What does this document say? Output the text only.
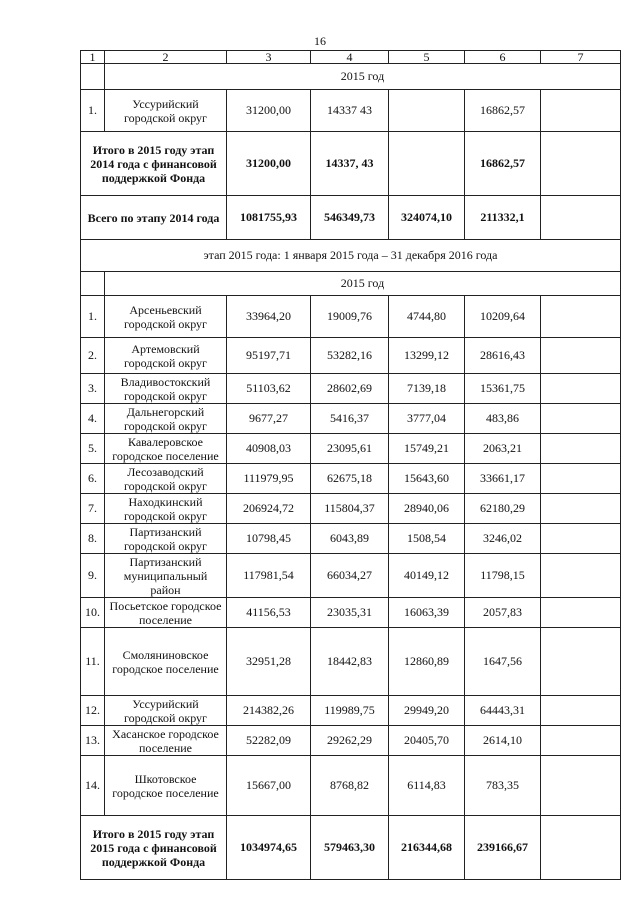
16
1	2	3	4	5	6	7
	2015 год					
1.	Уссурийский городской округ	31200,00	14337 43		16862,57	
Итого в 2015 году этап 2014 года с финансовой поддержкой Фонда		31200,00	14337, 43		16862,57	
Всего по этапу 2014 года		1081755,93	546349,73	324074,10	211332,1	
этап 2015 года: 1 января 2015 года – 31 декабря 2016 года						
	2015 год					
1.	Арсеньевский городской округ	33964,20	19009,76	4744,80	10209,64	
2.	Артемовский городской округ	95197,71	53282,16	13299,12	28616,43	
3.	Владивостокский городской округ	51103,62	28602,69	7139,18	15361,75	
4.	Дальнегорский городской округ	9677,27	5416,37	3777,04	483,86	
5.	Кавалеровское городское поселение	40908,03	23095,61	15749,21	2063,21	
6.	Лесозаводский городской округ	111979,95	62675,18	15643,60	33661,17	
7.	Находкинский городской округ	206924,72	115804,37	28940,06	62180,29	
8.	Партизанский городской округ	10798,45	6043,89	1508,54	3246,02	
9.	Партизанский муниципальный район	117981,54	66034,27	40149,12	11798,15	
10.	Посьетское городское поселение	41156,53	23035,31	16063,39	2057,83	
11.	Смоляниновское городское поселение	32951,28	18442,83	12860,89	1647,56	
12.	Уссурийский городской округ	214382,26	119989,75	29949,20	64443,31	
13.	Хасанское городское поселение	52282,09	29262,29	20405,70	2614,10	
14.	Шкотовское городское поселение	15667,00	8768,82	6114,83	783,35	
Итого в 2015 году этап 2015 года с финансовой поддержкой Фонда		1034974,65	579463,30	216344,68	239166,67	
